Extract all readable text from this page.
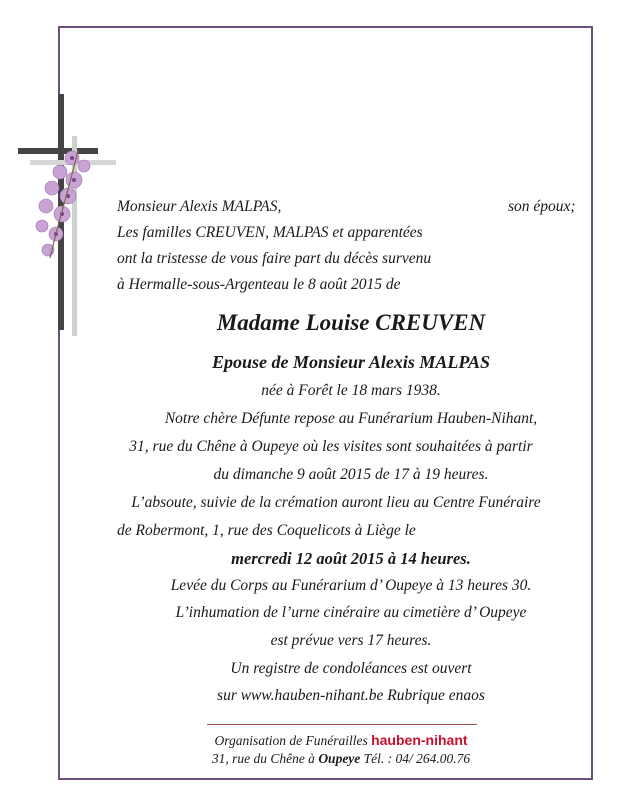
Monsieur Alexis MALPAS,	son époux;
Les familles CREUVEN, MALPAS et apparentées
ont la tristesse de vous faire part du décès survenu
à Hermalle-sous-Argenteau le 8 août 2015 de
Madame Louise CREUVEN
Epouse de Monsieur Alexis MALPAS
née à Forêt le 18 mars 1938.
Notre chère Défunte repose au Funérarium Hauben-Nihant,
31, rue du Chêne à Oupeye où les visites sont souhaitées à partir
du dimanche 9 août 2015 de 17 à 19 heures.
L’absoute, suivie de la crémation auront lieu au Centre Funéraire
de Robermont, 1, rue des Coquelicots à Liège le
mercredi 12 août 2015 à 14 heures.
Levée du Corps au Funérarium d’ Oupeye à 13 heures 30.
L’inhumation de l’urne cinéraire au cimetière d’ Oupeye
est prévue vers 17 heures.
Un registre de condoléances est ouvert
sur www.hauben-nihant.be Rubrique enaos
Organisation de Funérailles hauben-nihant
31, rue du Chêne à Oupeye Tél. : 04/ 264.00.76
